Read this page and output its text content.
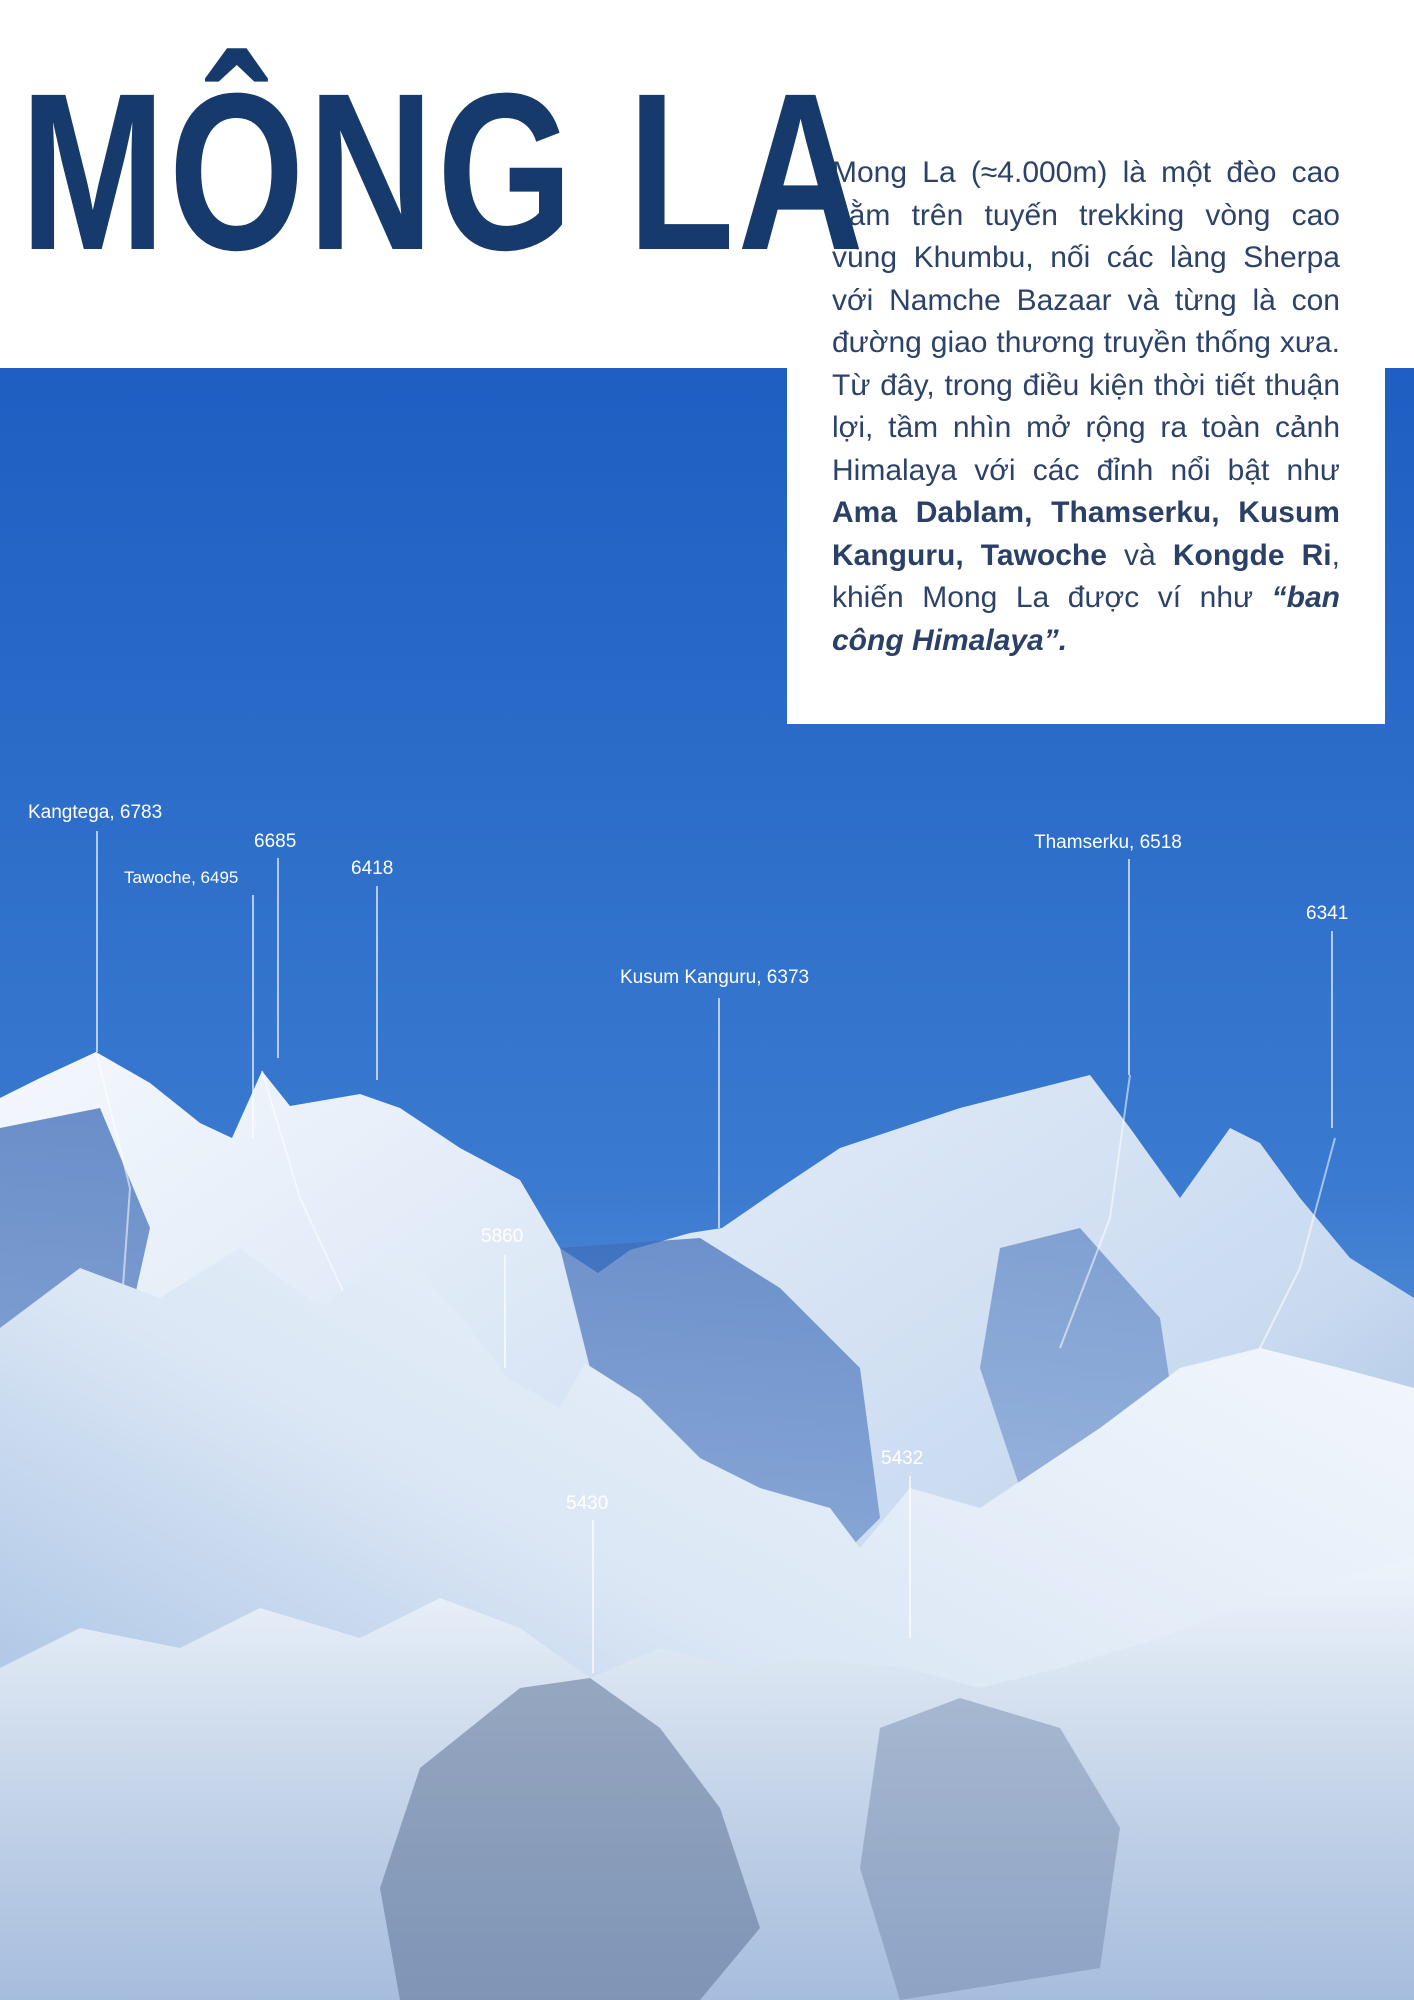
MÔNG LA
Kangtega, 6783
6685
Tawoche, 6495	6418
Kusum Kanguru, 6373
Thamserku, 6518
6341
5860
5432
5430

Mong La (≈4.000m) là một đèo cao nằm trên tuyến trekking vòng cao vùng Khumbu, nối các làng Sherpa với Namche Bazaar và từng là con đường giao thương truyền thống xưa. Từ đây, trong điều kiện thời tiết thuận lợi, tầm nhìn mở rộng ra toàn cảnh Himalaya với các đỉnh nổi bật như Ama Dablam, Thamserku, Kusum Kanguru, Tawoche và Kongde Ri, khiến Mong La được ví như “ban công Himalaya”.
